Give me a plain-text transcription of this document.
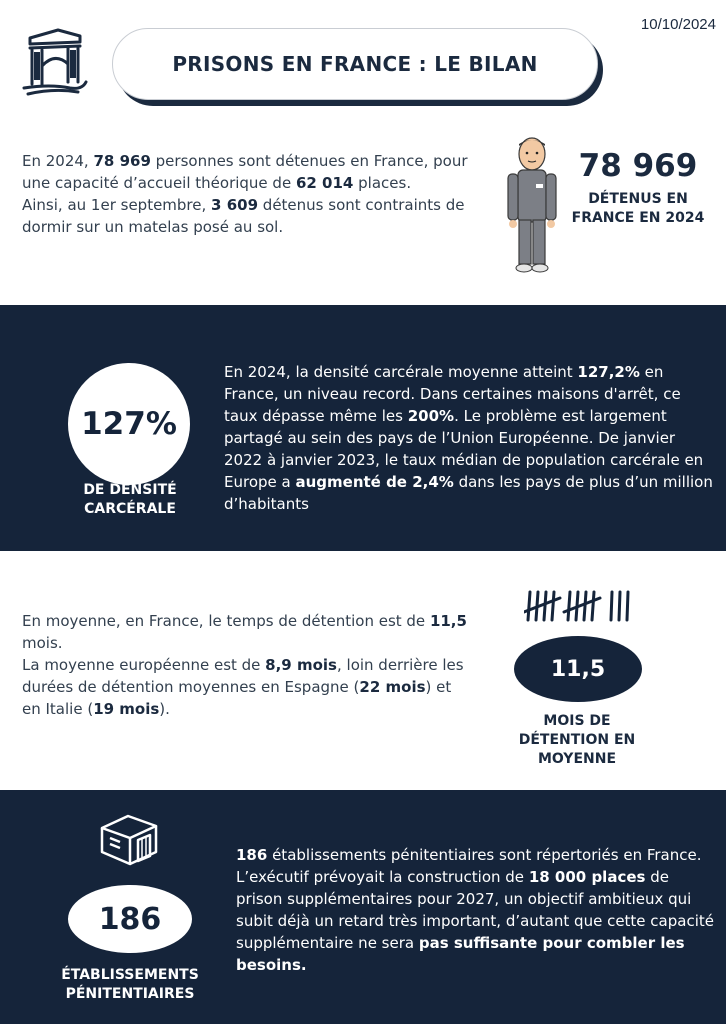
10/10/2024
PRISONS EN FRANCE : LE BILAN

En 2024, 78 969 personnes sont détenues en France, pour une capacité d’accueil théorique de 62 014 places.
Ainsi, au 1er septembre, 3 609 détenus sont contraints de dormir sur un matelas posé au sol.

78 969
DÉTENUS EN FRANCE EN 2024
127%
DE DENSITÉ CARCÉRALE

En 2024, la densité carcérale moyenne atteint 127,2% en France, un niveau record. Dans certaines maisons d'arrêt, ce taux dépasse même les 200%. Le problème est largement partagé au sein des pays de l’Union Européenne. De janvier 2022 à janvier 2023, le taux médian de population carcérale en Europe a augmenté de 2,4% dans les pays de plus d’un million d’habitants

En moyenne, en France, le temps de détention est de 11,5 mois.
La moyenne européenne est de 8,9 mois, loin derrière les durées de détention moyennes en Espagne (22 mois) et en Italie (19 mois).

11,5
MOIS DE DÉTENTION EN MOYENNE
186
ÉTABLISSEMENTS PÉNITENTIAIRES

186 établissements pénitentiaires sont répertoriés en France. L’exécutif prévoyait la construction de 18 000 places de prison supplémentaires pour 2027, un objectif ambitieux qui subit déjà un retard très important, d’autant que cette capacité supplémentaire ne sera pas suffisante pour combler les besoins.
